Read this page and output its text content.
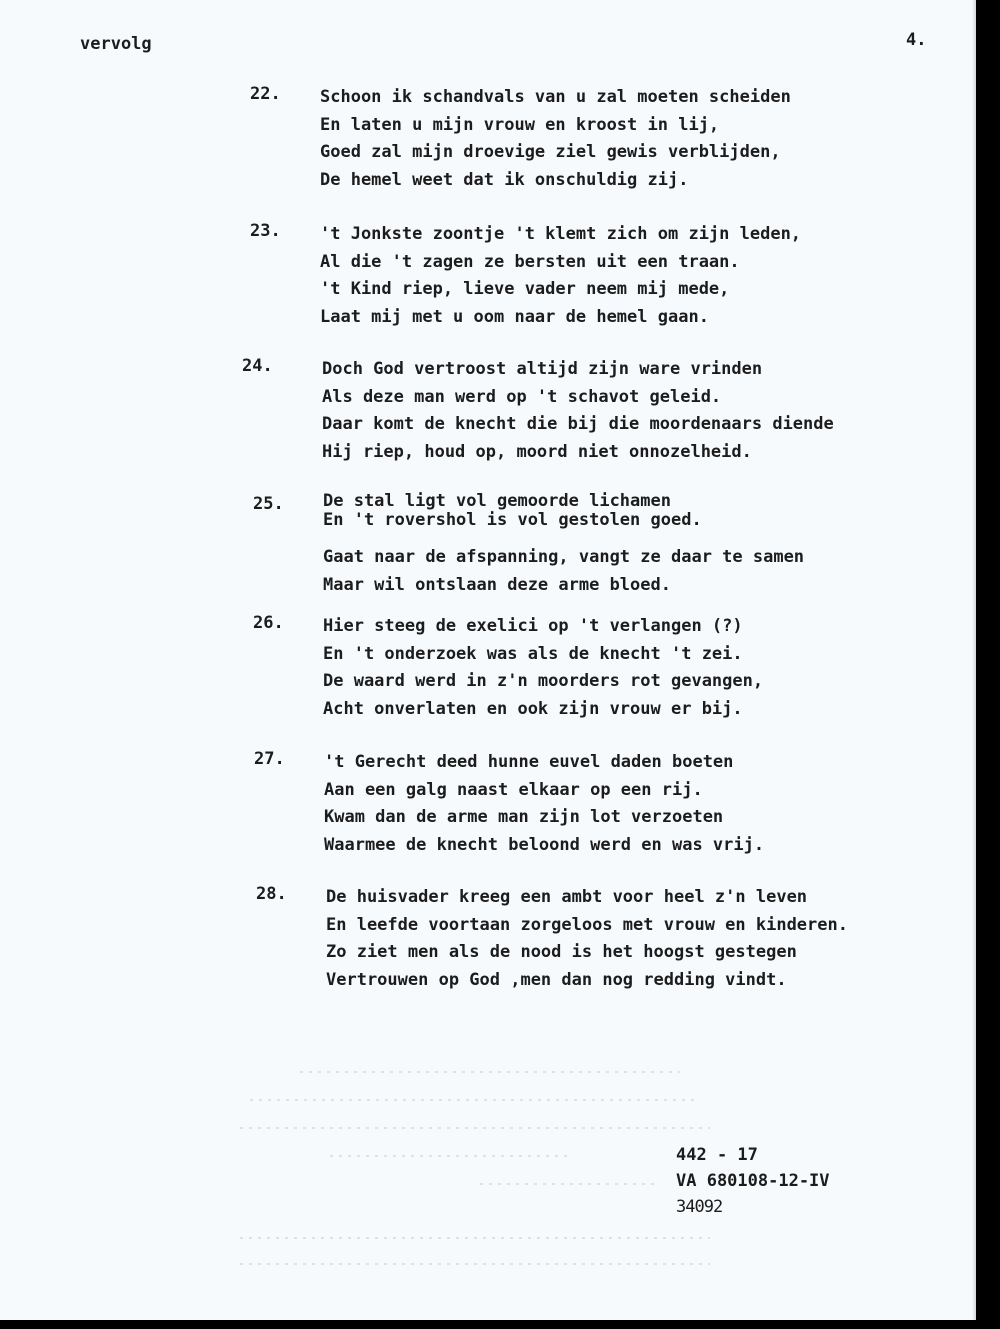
vervolg	4.
22.	Schoon ik schandvals van u zal moeten scheiden
En laten u mijn vrouw en kroost in lij,
Goed zal mijn droevige ziel gewis verblijden,
De hemel weet dat ik onschuldig zij.
23.	't Jonkste zoontje 't klemt zich om zijn leden,
Al die 't zagen ze bersten uit een traan.
't Kind riep, lieve vader neem mij mede,
Laat mij met u oom naar de hemel gaan.
24.	Doch God vertroost altijd zijn ware vrinden
Als deze man werd op 't schavot geleid.
Daar komt de knecht die bij die moordenaars diende
Hij riep, houd op, moord niet onnozelheid.
25.	De stal ligt vol gemoorde lichamen
En 't rovershol is vol gestolen goed.
Gaat naar de afspanning, vangt ze daar te samen
Maar wil ontslaan deze arme bloed.
26.	Hier steeg de exelici op 't verlangen (?)
En 't onderzoek was als de knecht 't zei.
De waard werd in z'n moorders rot gevangen,
Acht onverlaten en ook zijn vrouw er bij.
27.	't Gerecht deed hunne euvel daden boeten
Aan een galg naast elkaar op een rij.
Kwam dan de arme man zijn lot verzoeten
Waarmee de knecht beloond werd en was vrij.
28.	De huisvader kreeg een ambt voor heel z'n leven
En leefde voortaan zorgeloos met vrouw en kinderen.
Zo ziet men als de nood is het hoogst gestegen
Vertrouwen op God ,men dan nog redding vindt.
442 - 17
VA 680108-12-IV
34092
